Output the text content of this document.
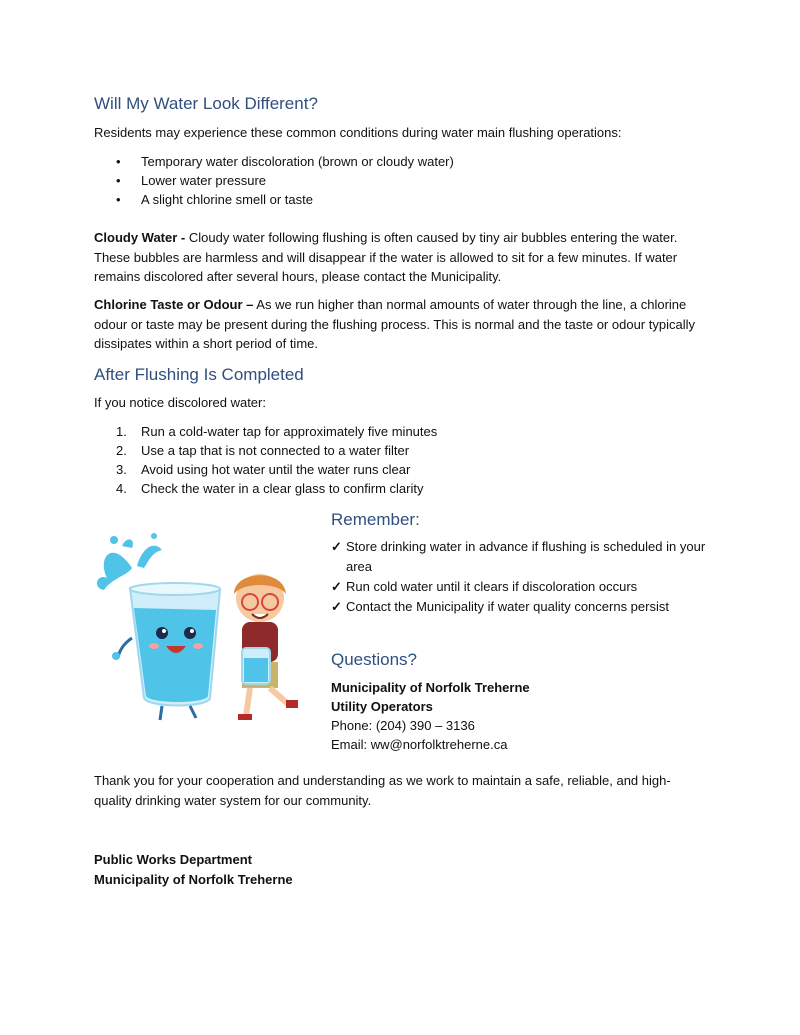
Will My Water Look Different?

Residents may experience these common conditions during water main flushing operations:

• Temporary water discoloration (brown or cloudy water)
• Lower water pressure
• A slight chlorine smell or taste

Cloudy Water - Cloudy water following flushing is often caused by tiny air bubbles entering the water. These bubbles are harmless and will disappear if the water is allowed to sit for a few minutes. If water remains discolored after several hours, please contact the Municipality.

Chlorine Taste or Odour – As we run higher than normal amounts of water through the line, a chlorine odour or taste may be present during the flushing process. This is normal and the taste or odour typically dissipates within a short period of time.

After Flushing Is Completed

If you notice discolored water:

1. Run a cold-water tap for approximately five minutes
2. Use a tap that is not connected to a water filter
3. Avoid using hot water until the water runs clear
4. Check the water in a clear glass to confirm clarity
Remember:
✓ Store drinking water in advance if flushing is scheduled in your area
✓ Run cold water until it clears if discoloration occurs
✓ Contact the Municipality if water quality concerns persist
Questions?
Municipality of Norfolk Treherne
Utility Operators
Phone: (204) 390 – 3136
Email: ww@norfolktreherne.ca

Thank you for your cooperation and understanding as we work to maintain a safe, reliable, and high-quality drinking water system for our community.

Public Works Department
Municipality of Norfolk Treherne
